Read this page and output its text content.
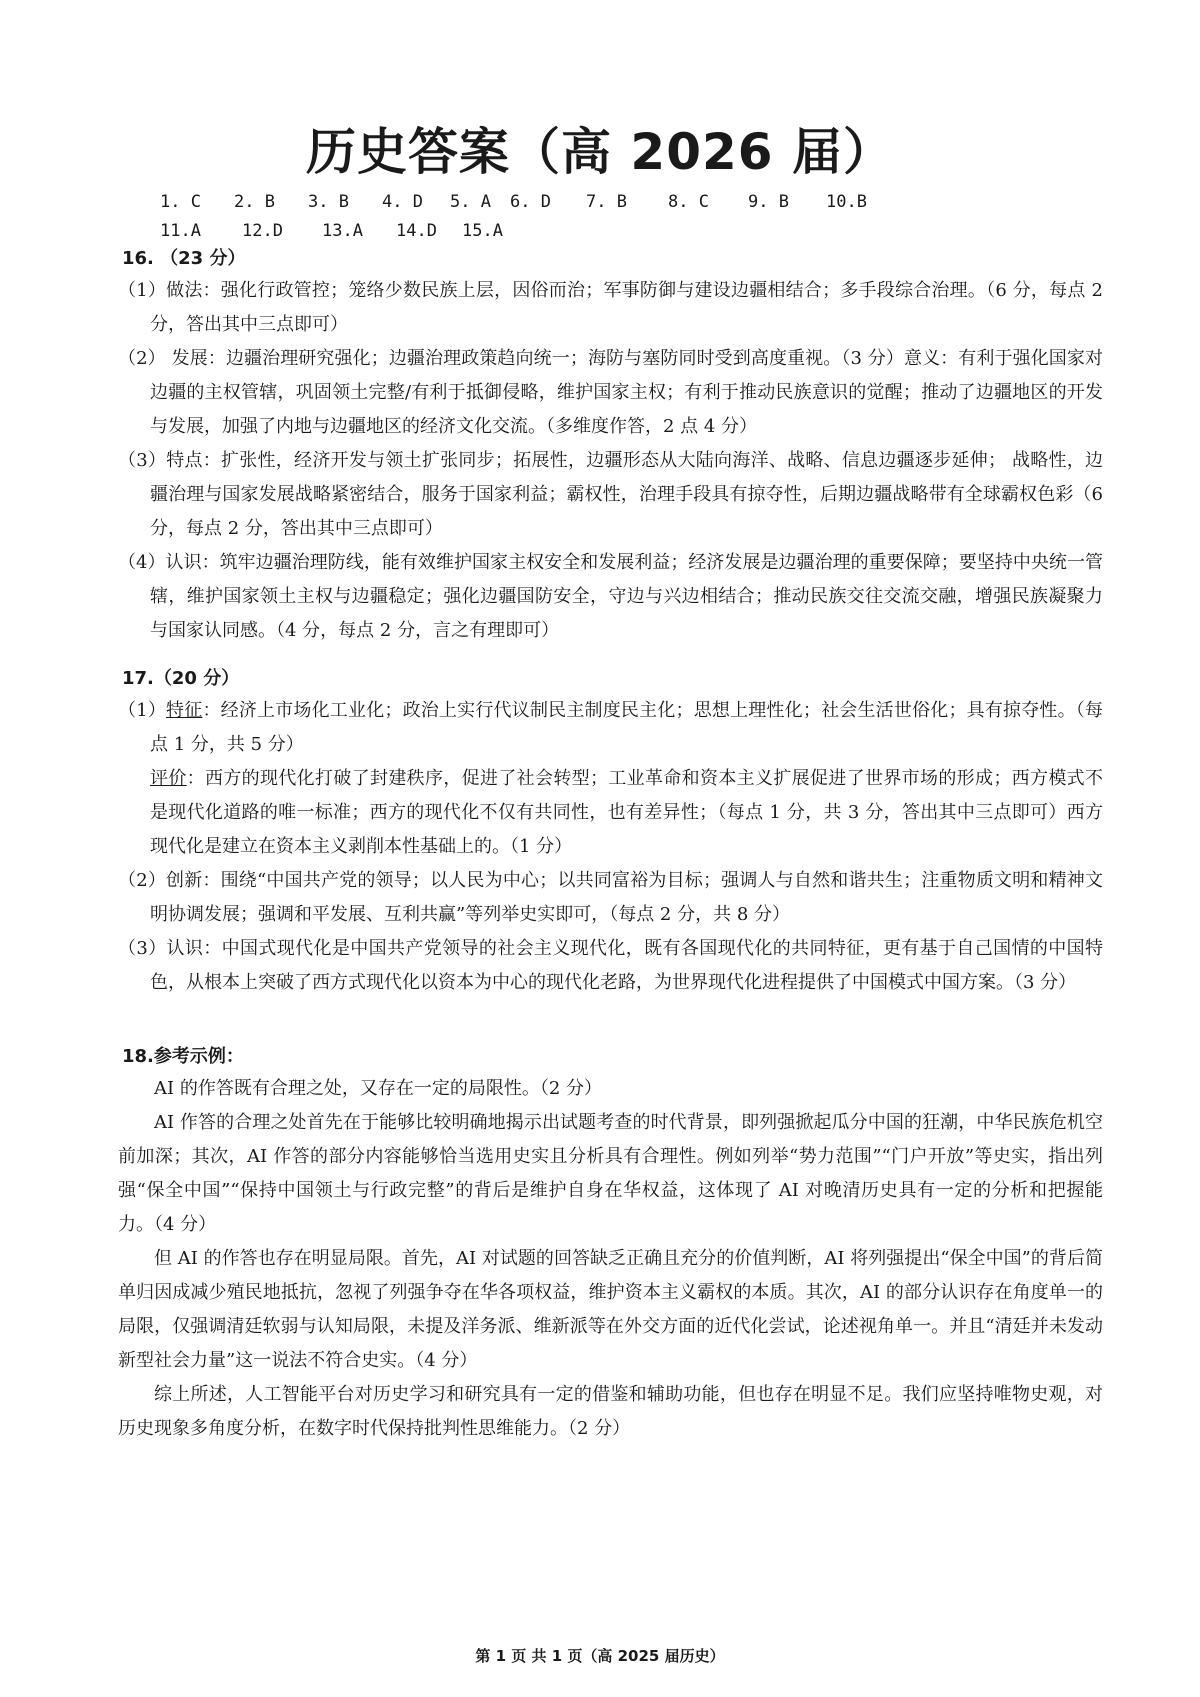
历史答案（高 2026 届）
1. C 2. B 3. B 4. D 5. A 6. D 7. B 8. C 9. B 10.B
11.A 12.D 13.A 14.D 15.A
16. （23 分）

（1）做法：强化行政管控；笼络少数民族上层，因俗而治；军事防御与建设边疆相结合；多手段综合治理。（6 分，每点 2 分，答出其中三点即可）

（2） 发展：边疆治理研究强化；边疆治理政策趋向统一；海防与塞防同时受到高度重视。（3 分）意义：有利于强化国家对边疆的主权管辖，巩固领土完整/有利于抵御侵略，维护国家主权；有利于推动民族意识的觉醒；推动了边疆地区的开发与发展，加强了内地与边疆地区的经济文化交流。（多维度作答，2 点 4 分）

（3）特点：扩张性，经济开发与领土扩张同步；拓展性，边疆形态从大陆向海洋、战略、信息边疆逐步延伸； 战略性，边疆治理与国家发展战略紧密结合，服务于国家利益；霸权性，治理手段具有掠夺性，后期边疆战略带有全球霸权色彩（6 分，每点 2 分，答出其中三点即可）

（4）认识：筑牢边疆治理防线，能有效维护国家主权安全和发展利益；经济发展是边疆治理的重要保障；要坚持中央统一管辖，维护国家领土主权与边疆稳定；强化边疆国防安全，守边与兴边相结合；推动民族交往交流交融，增强民族凝聚力与国家认同感。（4 分，每点 2 分，言之有理即可）

17.（20 分）

（1）特征：经济上市场化工业化；政治上实行代议制民主制度民主化；思想上理性化；社会生活世俗化；具有掠夺性。（每点 1 分，共 5 分）

评价：西方的现代化打破了封建秩序，促进了社会转型；工业革命和资本主义扩展促进了世界市场的形成；西方模式不是现代化道路的唯一标准；西方的现代化不仅有共同性，也有差异性；（每点 1 分，共 3 分，答出其中三点即可）西方现代化是建立在资本主义剥削本性基础上的。（1 分）

（2）创新：围绕“中国共产党的领导；以人民为中心；以共同富裕为目标；强调人与自然和谐共生；注重物质文明和精神文明协调发展；强调和平发展、互利共赢”等列举史实即可，（每点 2 分，共 8 分）

（3）认识：中国式现代化是中国共产党领导的社会主义现代化，既有各国现代化的共同特征，更有基于自己国情的中国特色，从根本上突破了西方式现代化以资本为中心的现代化老路，为世界现代化进程提供了中国模式中国方案。（3 分）

18.参考示例：

AI 的作答既有合理之处，又存在一定的局限性。（2 分）

AI 作答的合理之处首先在于能够比较明确地揭示出试题考查的时代背景，即列强掀起瓜分中国的狂潮，中华民族危机空前加深；其次，AI 作答的部分内容能够恰当选用史实且分析具有合理性。例如列举“势力范围”“门户开放”等史实，指出列强“保全中国”“保持中国领土与行政完整”的背后是维护自身在华权益，这体现了 AI 对晚清历史具有一定的分析和把握能力。（4 分）

但 AI 的作答也存在明显局限。首先，AI 对试题的回答缺乏正确且充分的价值判断，AI 将列强提出“保全中国”的背后简单归因成减少殖民地抵抗，忽视了列强争夺在华各项权益，维护资本主义霸权的本质。其次，AI 的部分认识存在角度单一的局限，仅强调清廷软弱与认知局限，未提及洋务派、维新派等在外交方面的近代化尝试，论述视角单一。并且“清廷并未发动新型社会力量”这一说法不符合史实。（4 分）

综上所述，人工智能平台对历史学习和研究具有一定的借鉴和辅助功能，但也存在明显不足。我们应坚持唯物史观，对历史现象多角度分析，在数字时代保持批判性思维能力。（2 分）

第 1 页 共 1 页（高 2025 届历史）
